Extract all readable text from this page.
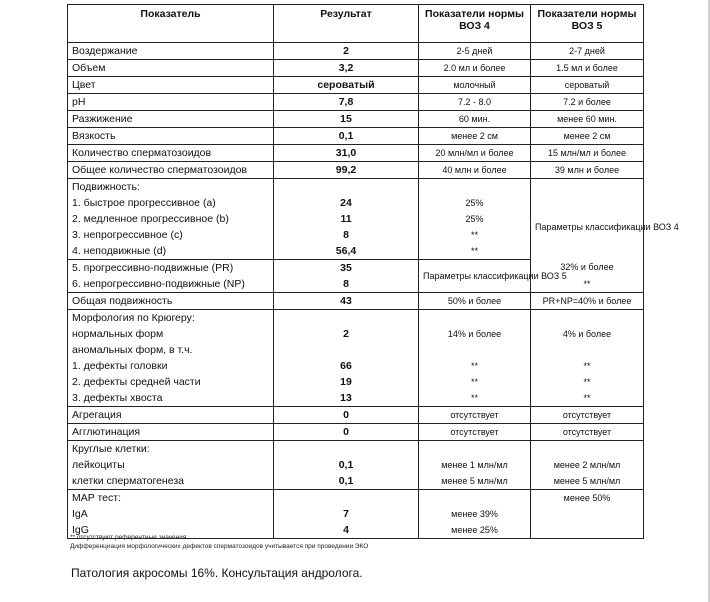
Показатель	Результат	Показатели нормы ВОЗ 4	Показатели нормы ВОЗ 5
Воздержание	2	2-5 дней	2-7 дней
Объем	3,2	2.0 мл и более	1.5 мл и более
Цвет	сероватый	молочный	сероватый
pH	7,8	7.2 - 8.0	7.2 и более
Разжижение	15	60 мин.	менее 60 мин.
Вязкость	0,1	менее 2 см	менее 2 см
Количество сперматозоидов	31,0	20 млн/мл и более	15 млн/мл и более
Общее количество сперматозоидов	99,2	40 млн и более	39 млн и более
Подвижность:			
1. быстрое прогрессивное (a)	24	25%	Параметры классификации ВОЗ 4
2. медленное прогрессивное (b)	11	25%	
3. непрогрессивное (c)	8	**	
4. неподвижные (d)	56,4	**	
5. прогрессивно-подвижные (PR)	35	Параметры классификации ВОЗ 5	32% и более
6. непрогрессивно-подвижные (NP)	8		**
Общая подвижность	43	50% и более	PR+NP=40% и более
Морфология по Крюгеру:			
нормальных форм	2	14% и более	4% и более
аномальных форм, в т.ч.			
1. дефекты головки	66	**	**
2. дефекты средней части	19	**	**
3. дефекты хвоста	13	**	**
Агрегация	0	отсутствует	отсутствует
Агглютинация	0	отсутствует	отсутствует
Круглые клетки:			
лейкоциты	0,1	менее 1 млн/мл	менее 2 млн/мл
клетки сперматогенеза	0,1	менее 5 млн/мл	менее 5 млн/мл
MAP тест:			менее 50%
IgA	7	менее 39%	
IgG	4	менее 25%	
** отсутствуют референтные значения
Дифференциация морфологических дефектов сперматозоидов учитывается при проведении ЭКО
Патология акросомы 16%. Консультация андролога.
